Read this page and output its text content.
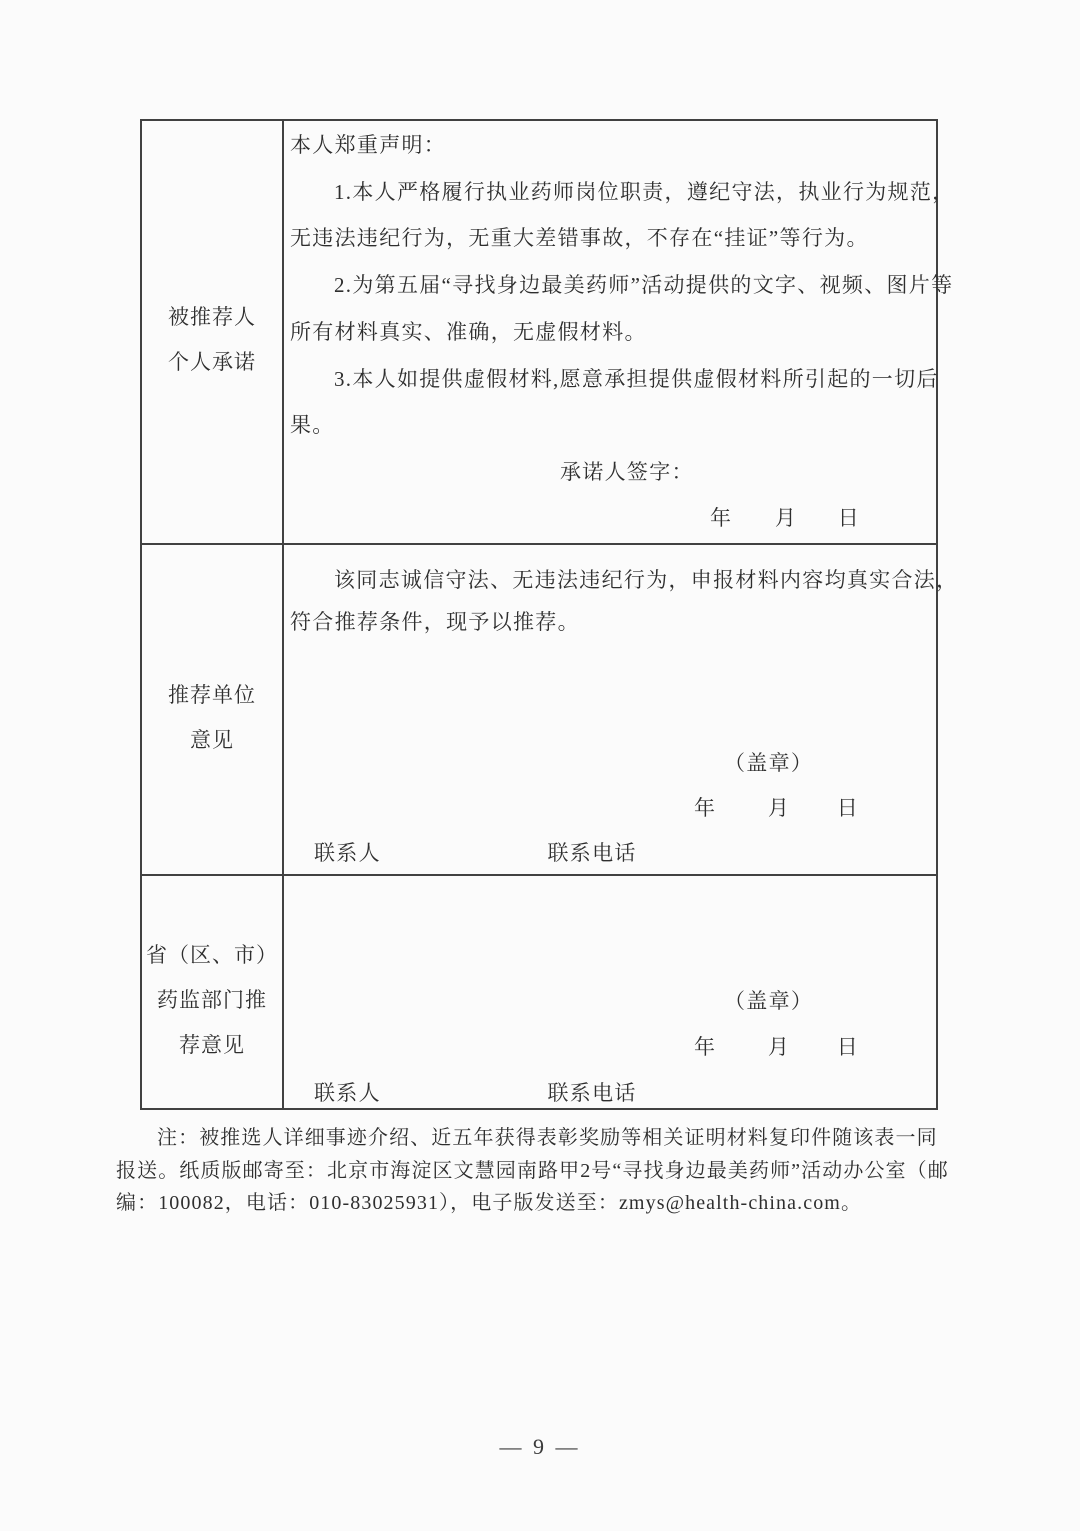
被推荐人

个人承诺

本人郑重声明：

1.本人严格履行执业药师岗位职责，遵纪守法，执业行为规范，

无违法违纪行为，无重大差错事故，不存在“挂证”等行为。

2.为第五届“寻找身边最美药师”活动提供的文字、视频、图片等

所有材料真实、准确，无虚假材料。

3.本人如提供虚假材料,愿意承担提供虚假材料所引起的一切后

果。

承诺人签字：

年 月 日

推荐单位

意见

该同志诚信守法、无违法违纪行为，申报材料内容均真实合法，

符合推荐条件，现予以推荐。

（盖章）

年 月 日

联系人	联系电话

省（区、市）

药监部门推

荐意见

（盖章）

年 月 日

联系人	联系电话

注：被推选人详细事迹介绍、近五年获得表彰奖励等相关证明材料复印件随该表一同

报送。纸质版邮寄至：北京市海淀区文慧园南路甲2号“寻找身边最美药师”活动办公室（邮

编：100082，电话：010-83025931），电子版发送至：zmys@health-china.com。

— 9 —
